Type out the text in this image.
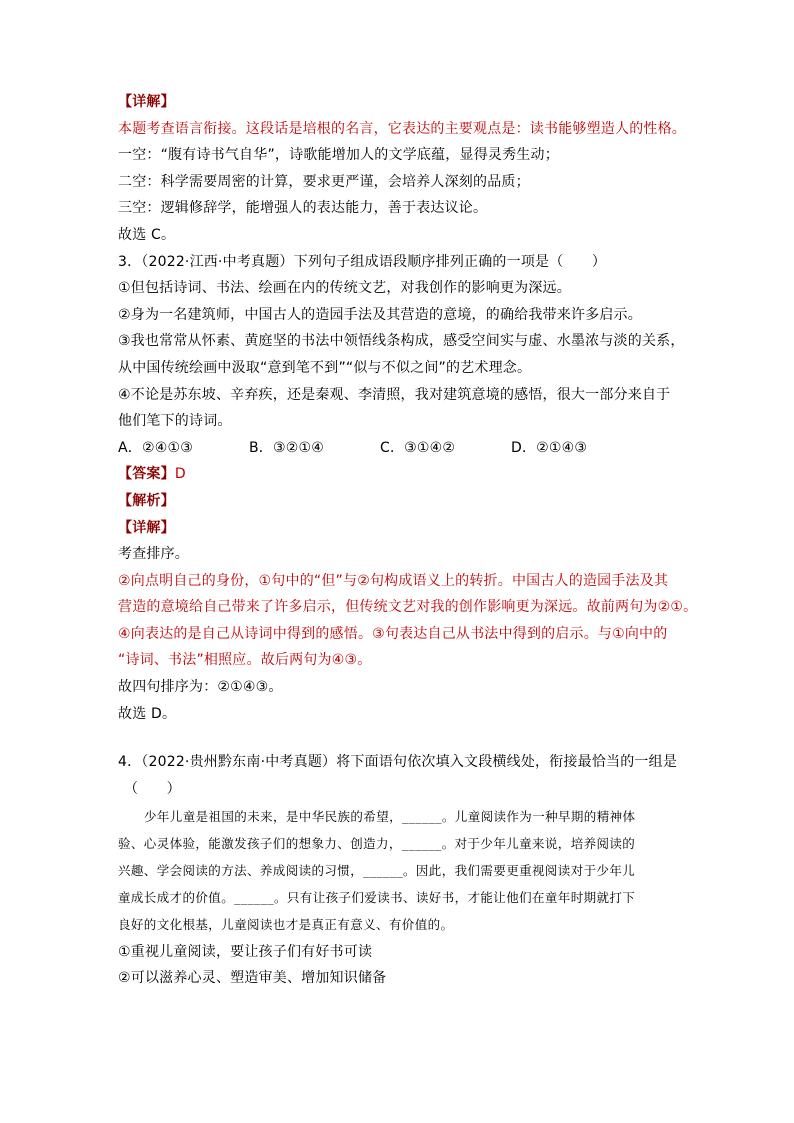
【详解】
本题考查语言衔接。这段话是培根的名言，它表达的主要观点是：读书能够塑造人的性格。
一空：“腹有诗书气自华”，诗歌能增加人的文学底蕴，显得灵秀生动；
二空：科学需要周密的计算，要求更严谨，会培养人深刻的品质；
三空：逻辑修辞学，能增强人的表达能力，善于表达议论。
故选 C。
3．（2022·江西·中考真题）下列句子组成语段顺序排列正确的一项是（　　）
①但包括诗词、书法、绘画在内的传统文艺，对我创作的影响更为深远。
②身为一名建筑师，中国古人的造园手法及其营造的意境，的确给我带来许多启示。
③我也常常从怀素、黄庭坚的书法中领悟线条构成，感受空间实与虚、水墨浓与淡的关系，
从中国传统绘画中汲取“意到笔不到”“似与不似之间”的艺术理念。
④不论是苏东坡、辛弃疾，还是秦观、李清照，我对建筑意境的感悟，很大一部分来自于
他们笔下的诗词。
A．②④①③	B．③②①④	C．③①④②	D．②①④③
【答案】D
【解析】
【详解】
考查排序。
②向点明自己的身份，①句中的“但”与②句构成语义上的转折。中国古人的造园手法及其
营造的意境给自己带来了许多启示，但传统文艺对我的创作影响更为深远。故前两句为②①。
④向表达的是自己从诗词中得到的感悟。③句表达自己从书法中得到的启示。与①向中的
“诗词、书法”相照应。故后两句为④③。
故四句排序为：②①④③。
故选 D。
4．（2022·贵州黔东南·中考真题）将下面语句依次填入文段横线处，衔接最恰当的一组是
（　　）
少年儿童是祖国的未来，是中华民族的希望，______。儿童阅读作为一种早期的精神体
验、心灵体验，能激发孩子们的想象力、创造力，______。对于少年儿童来说，培养阅读的
兴趣、学会阅读的方法、养成阅读的习惯，______。因此，我们需要更重视阅读对于少年儿
童成长成才的价值。______。只有让孩子们爱读书、读好书，才能让他们在童年时期就打下
良好的文化根基，儿童阅读也才是真正有意义、有价值的。
①重视儿童阅读，要让孩子们有好书可读
②可以滋养心灵、塑造审美、增加知识储备
